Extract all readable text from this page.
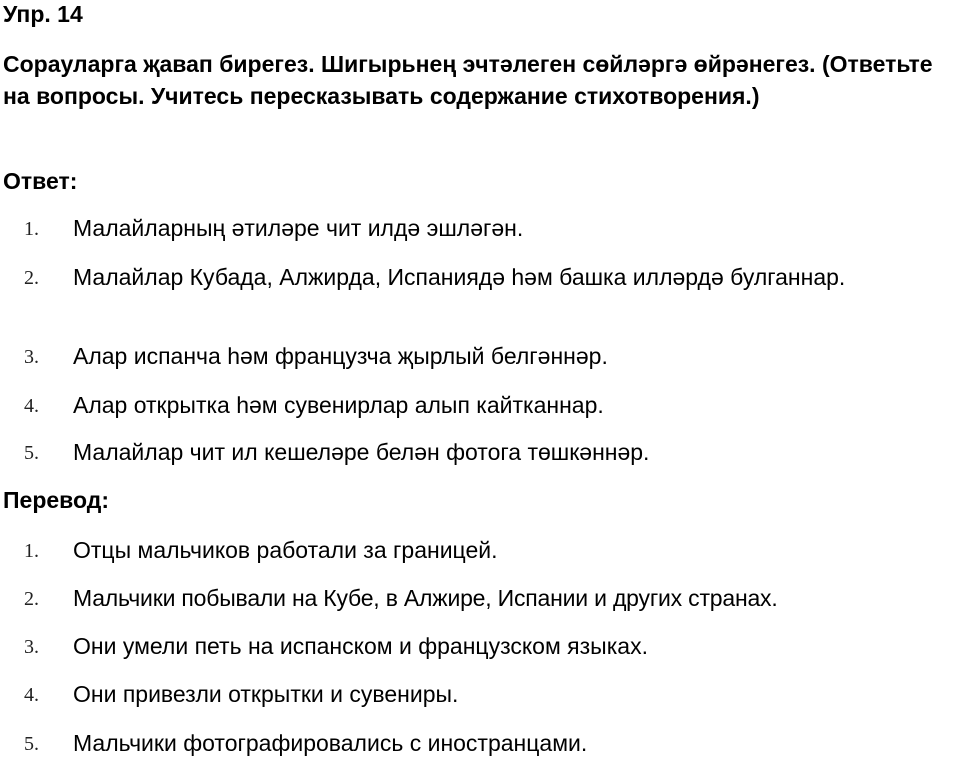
Упр. 14
Сорауларга җавап бирегез. Шигырьнең эчтәлеген сөйләргә өйрәнегез. (Ответьте на вопросы. Учитесь пересказывать содержание стихотворения.)
Ответ:
1. Малайларның әтиләре чит илдә эшләгән.
2. Малайлар Кубада, Алжирда, Испаниядә һәм башка илләрдә булганнар.
3. Алар испанча һәм французча җырлый белгәннәр.
4. Алар открытка һәм сувенирлар алып кайтканнар.
5. Малайлар чит ил кешеләре белән фотога төшкәннәр.
Перевод:
1. Отцы мальчиков работали за границей.
2. Мальчики побывали на Кубе, в Алжире, Испании и других странах.
3. Они умели петь на испанском и французском языках.
4. Они привезли открытки и сувениры.
5. Мальчики фотографировались с иностранцами.
